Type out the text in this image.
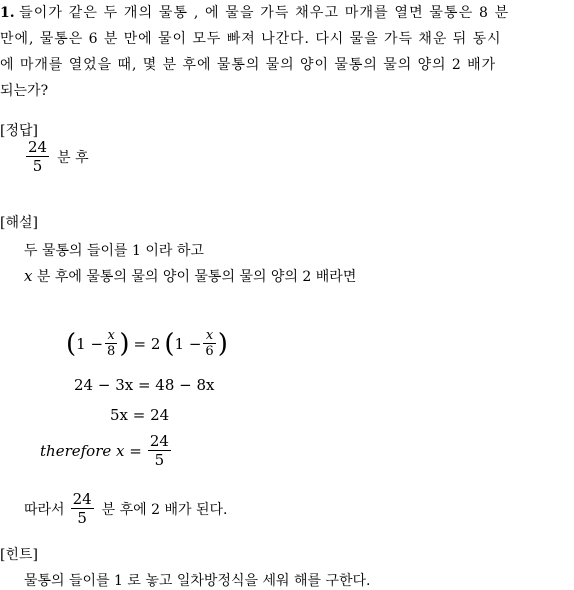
1. 들이가 같은 두 개의 물통 , 에 물을 가득 채우고 마개를 열면 물통은 8 분
만에, 물통은 6 분 만에 물이 모두 빠져 나간다. 다시 물을 가득 채운 뒤 동시
에 마개를 열었을 때, 몇 분 후에 물통의 물의 양이 물통의 물의 양의 2 배가
되는가?
[정답]
$\frac{24}{5}$ 분 후
[해설]
두 물통의 들이를 1 이라 하고
x 분 후에 물통의 물의 양이 물통의 물의 양의 2 배라면
( $1 - \frac{x}{8}$ ) = 2 ( $1 - \frac{x}{6}$ )
24 − 3x = 48 − 8x
5x = 24
therefore $x = \frac{24}{5}$
따라서 $\frac{24}{5}$ 분 후에 2 배가 된다.
[힌트]
물통의 들이를 1 로 놓고 일차방정식을 세워 해를 구한다.
